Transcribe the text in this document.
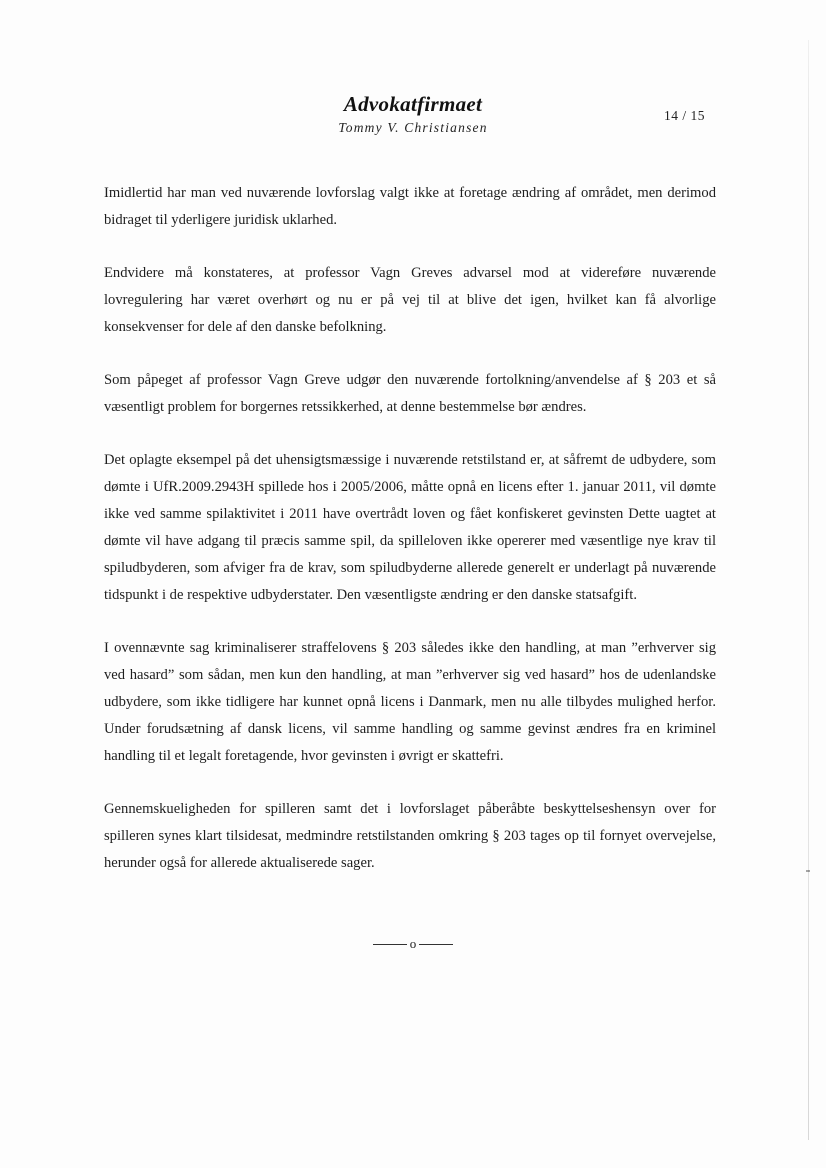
Advokatfirmaet
Tommy V. Christiansen
14 / 15

Imidlertid har man ved nuværende lovforslag valgt ikke at foretage ændring af området, men derimod bidraget til yderligere juridisk uklarhed.

Endvidere må konstateres, at professor Vagn Greves advarsel mod at videreføre nuværende lovregulering har været overhørt og nu er på vej til at blive det igen, hvilket kan få alvorlige konsekvenser for dele af den danske befolkning.

Som påpeget af professor Vagn Greve udgør den nuværende fortolkning/anvendelse af § 203 et så væsentligt problem for borgernes retssikkerhed, at denne bestemmelse bør ændres.

Det oplagte eksempel på det uhensigtsmæssige i nuværende retstilstand er, at såfremt de udbydere, som dømte i UfR.2009.2943H spillede hos i 2005/2006, måtte opnå en licens efter 1. januar 2011, vil dømte ikke ved samme spilaktivitet i 2011 have overtrådt loven og fået konfiskeret gevinsten Dette uagtet at dømte vil have adgang til præcis samme spil, da spilleloven ikke opererer med væsentlige nye krav til spiludbyderen, som afviger fra de krav, som spiludbyderne allerede generelt er underlagt på nuværende tidspunkt i de respektive udbyderstater. Den væsentligste ændring er den danske statsafgift.

I ovennævnte sag kriminaliserer straffelovens § 203 således ikke den handling, at man ”erhverver sig ved hasard” som sådan, men kun den handling, at man ”erhverver sig ved hasard” hos de udenlandske udbydere, som ikke tidligere har kunnet opnå licens i Danmark, men nu alle tilbydes mulighed herfor. Under forudsætning af dansk licens, vil samme handling og samme gevinst ændres fra en kriminel handling til et legalt foretagende, hvor gevinsten i øvrigt er skattefri.

Gennemskueligheden for spilleren samt det i lovforslaget påberåbte beskyttelseshensyn over for spilleren synes klart tilsidesat, medmindre retstilstanden omkring § 203 tages op til fornyet overvejelse, herunder også for allerede aktualiserede sager.

o
